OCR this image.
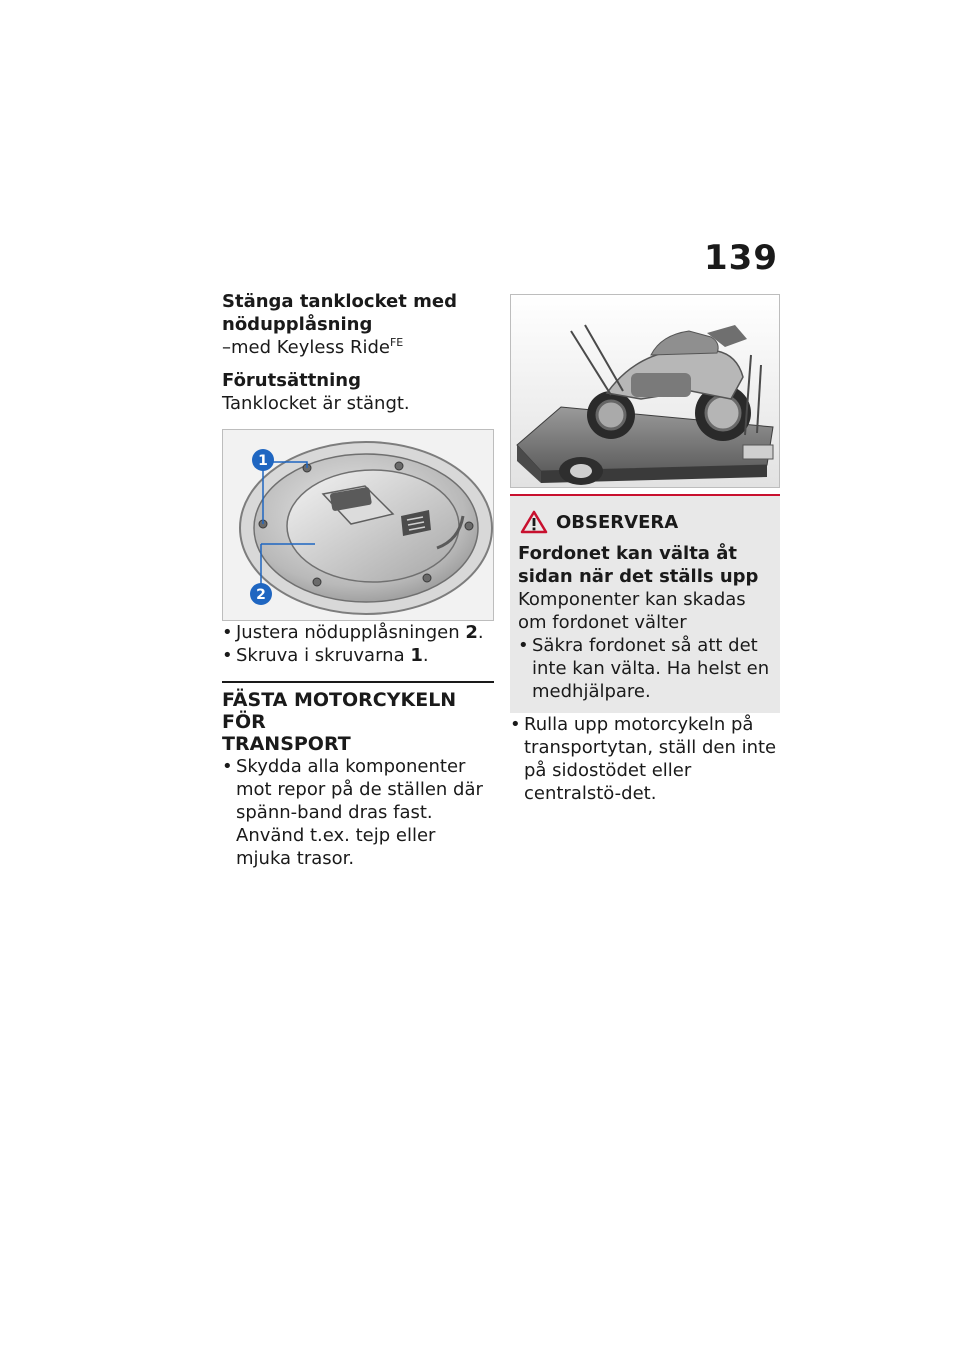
139

Stänga tanklocket med
nödupplåsning

–med Keyless Ride$^{FE}$

Förutsättning

Tanklocket är stängt.

1
2
• Justera nödupplåsningen 2.
• Skruva i skruvarna 1.

FÄSTA MOTORCYKELN FÖR
TRANSPORT

• Skydda alla komponenter mot repor på de ställen där spänn-band dras fast. Använd t.ex. tejp eller mjuka trasor.
OBSERVERA

Fordonet kan välta åt sidan när det ställs upp

Komponenter kan skadas om fordonet välter

• Säkra fordonet så att det inte kan välta. Ha helst en medhjälpare.
• Rulla upp motorcykeln på transportytan, ställ den inte på sidostödet eller centralstö-det.
